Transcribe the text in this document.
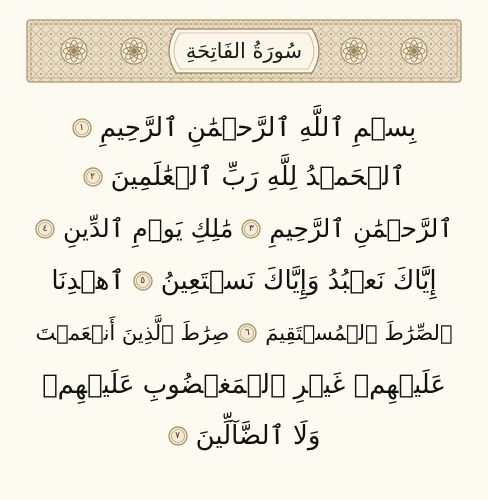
سُورَةُ الفَاتِحَةِ
بِسۡمِ ٱللَّهِ ٱلرَّحۡمَٰنِ ٱلرَّحِيمِ
١
ٱلۡحَمۡدُ لِلَّهِ رَبِّ ٱلۡعَٰلَمِينَ
٢
ٱلرَّحۡمَٰنِ ٱلرَّحِيمِ
٣
مَٰلِكِ يَوۡمِ ٱلدِّينِ
٤
إِيَّاكَ نَعۡبُدُ وَإِيَّاكَ نَسۡتَعِينُ
٥
ٱهۡدِنَا
ٱلصِّرَٰطَ ٱلۡمُسۡتَقِيمَ
٦
صِرَٰطَ ٱلَّذِينَ أَنۡعَمۡتَ
عَلَيۡهِمۡ غَيۡرِ ٱلۡمَغۡضُوبِ عَلَيۡهِمۡ
وَلَا ٱلضَّآلِّينَ
٧
